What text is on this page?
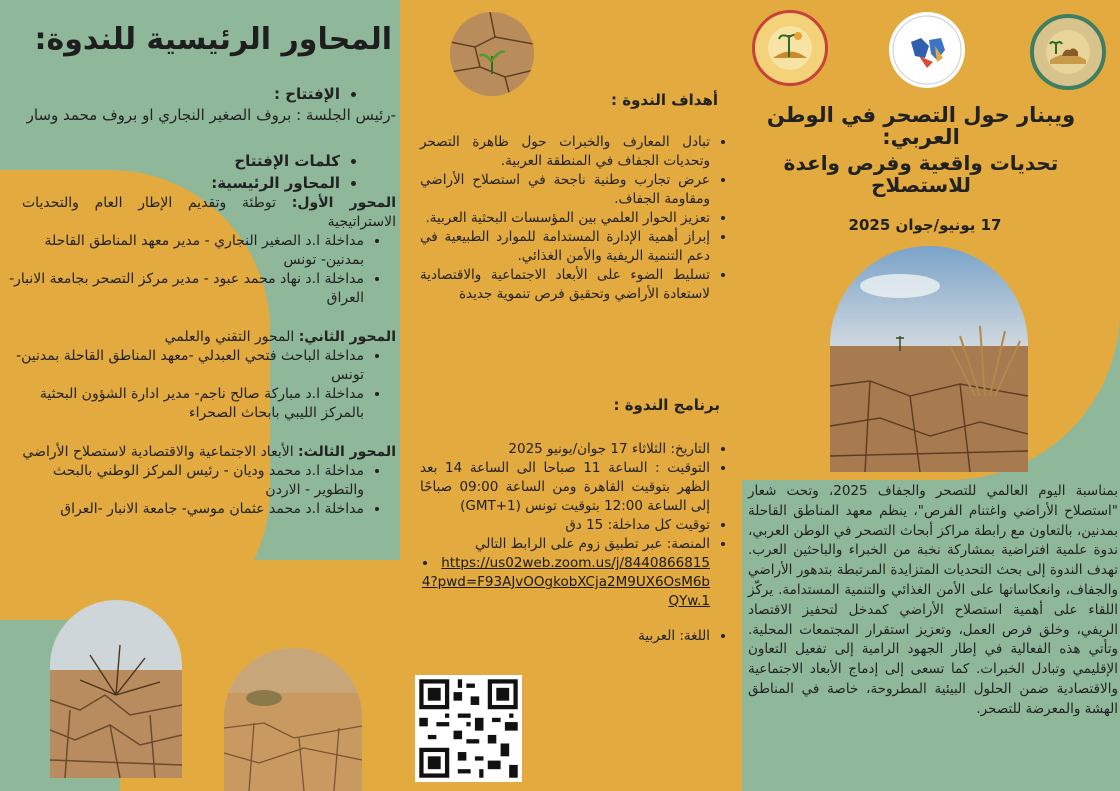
المحاور الرئيسية للندوة:
• الإفتتاح :
-رئيس الجلسة : بروف الصغير النجاري او بروف محمد وسار
• كلمات الإفتتاح
• المحاور الرئيسية:
المحور الأول: توطئة وتقديم الإطار العام والتحديات الاستراتيجية
• مداخلة ا.د الصغير النجاري - مدير معهد المناطق القاحلة بمدنين- تونس
• مداخلة ا.د نهاد محمد عبود - مدير مركز التصحر بجامعة الانبار- العراق
المحور الثاني: المحور التقني والعلمي
• مداخلة الباحث فتحي العبدلي -معهد المناطق القاحلة بمدنين-تونس
• مداخلة ا.د مباركة صالح ناجم- مدير ادارة الشؤون البحثية بالمركز الليبي بابحاث الصحراء
المحور الثالث: الأبعاد الاجتماعية والاقتصادية لاستصلاح الأراضي
• مداخلة ا.د محمد وديان - رئيس المركز الوطني بالبحث والتطوير - الاردن
• مداخلة ا.د محمد عثمان موسي- جامعة الانبار -العراق
أهداف الندوة :
• تبادل المعارف والخبرات حول ظاهرة التصحر وتحديات الجفاف في المنطقة العربية.
• عرض تجارب وطنية ناجحة في استصلاح الأراضي ومقاومة الجفاف.
• تعزيز الحوار العلمي بين المؤسسات البحثية العربية.
• إبراز أهمية الإدارة المستدامة للموارد الطبيعية في دعم التنمية الريفية والأمن الغذائي.
• تسليط الضوء على الأبعاد الاجتماعية والاقتصادية لاستعادة الأراضي وتحقيق فرص تنموية جديدة
برنامج الندوة :
• التاريخ: الثلاثاء 17 جوان/يونيو 2025
• التوقيت : الساعة 11 صباحا الى الساعة 14 بعد الظهر بتوقيت القاهرة ومن الساعة 09:00 صباحًا إلى الساعة 12:00 بتوقيت تونس (GMT+1)
• توقيت كل مداخلة: 15 دق
• المنصة: عبر تطبيق زوم على الرابط التالي
• https://us02web.zoom.us/j/84408668154?pwd=F93AJvOOgkobXCja2M9UX6OsM6bQYw.1
• اللغة: العربية
ويبنار حول التصحر في الوطن العربي:
تحديات واقعية وفرص واعدة للاستصلاح
17 يونيو/جوان 2025
بمناسبة اليوم العالمي للتصحر والجفاف 2025، وتحت شعار "استصلاح الأراضي واغتنام الفرص"، ينظم معهد المناطق القاحلة بمدنين، بالتعاون مع رابطة مراكز أبحاث التصحر في الوطن العربي، ندوة علمية افتراضية بمشاركة نخبة من الخبراء والباحثين العرب. تهدف الندوة إلى بحث التحديات المتزايدة المرتبطة بتدهور الأراضي والجفاف، وانعكاساتها على الأمن الغذائي والتنمية المستدامة. يركّز اللقاء على أهمية استصلاح الأراضي كمدخل لتحفيز الاقتصاد الريفي، وخلق فرص العمل، وتعزيز استقرار المجتمعات المحلية. وتأتي هذه الفعالية في إطار الجهود الرامية إلى تفعيل التعاون الإقليمي وتبادل الخبرات. كما تسعى إلى إدماج الأبعاد الاجتماعية والاقتصادية ضمن الحلول البيئية المطروحة، خاصة في المناطق الهشة والمعرضة للتصحر.
